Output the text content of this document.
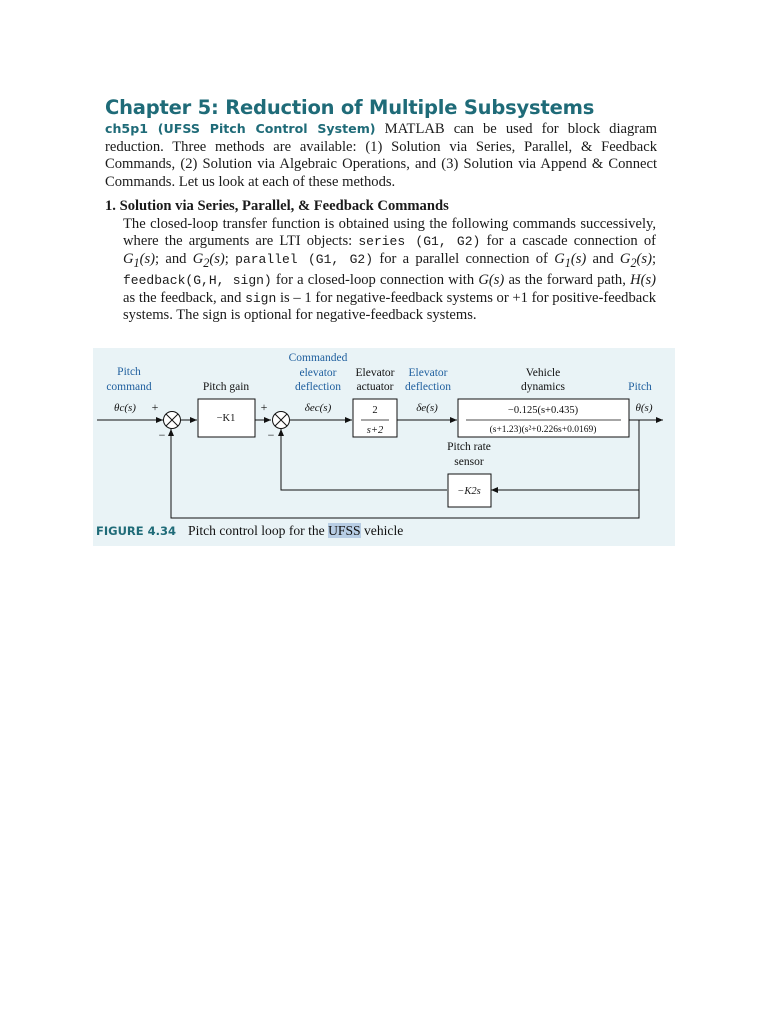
Chapter 5: Reduction of Multiple Subsystems
ch5p1 (UFSS Pitch Control System) MATLAB can be used for block diagram reduction. Three methods are available: (1) Solution via Series, Parallel, & Feedback Commands, (2) Solution via Algebraic Operations, and (3) Solution via Append & Connect Commands. Let us look at each of these methods.
1. Solution via Series, Parallel, & Feedback Commands
The closed-loop transfer function is obtained using the following commands successively, where the arguments are LTI objects: series (G1, G2) for a cascade connection of $G_1(s)$; and $G_2(s)$; parallel (G1, G2) for a parallel connection of $G_1(s)$ and $G_2(s)$; feedback(G,H, sign) for a closed-loop connection with G(s) as the forward path, H(s) as the feedback, and sign is – 1 for negative-feedback systems or +1 for positive-feedback systems. The sign is optional for negative-feedback systems.
−K1
2
s+2
−0.125(s+0.435)
(s+1.23)(s²+0.226s+0.0169)
−K2s
Pitch
command
Commanded
elevator
deflection
Elevator
deflection	Pitch
Pitch gain
Elevator
actuator
Vehicle
dynamics
Pitch rate
sensor
θc(s)	δec(s)	δe(s)	θ(s)
+
−
+
−
FIGURE 4.34 Pitch control loop for the UFSS vehicle
